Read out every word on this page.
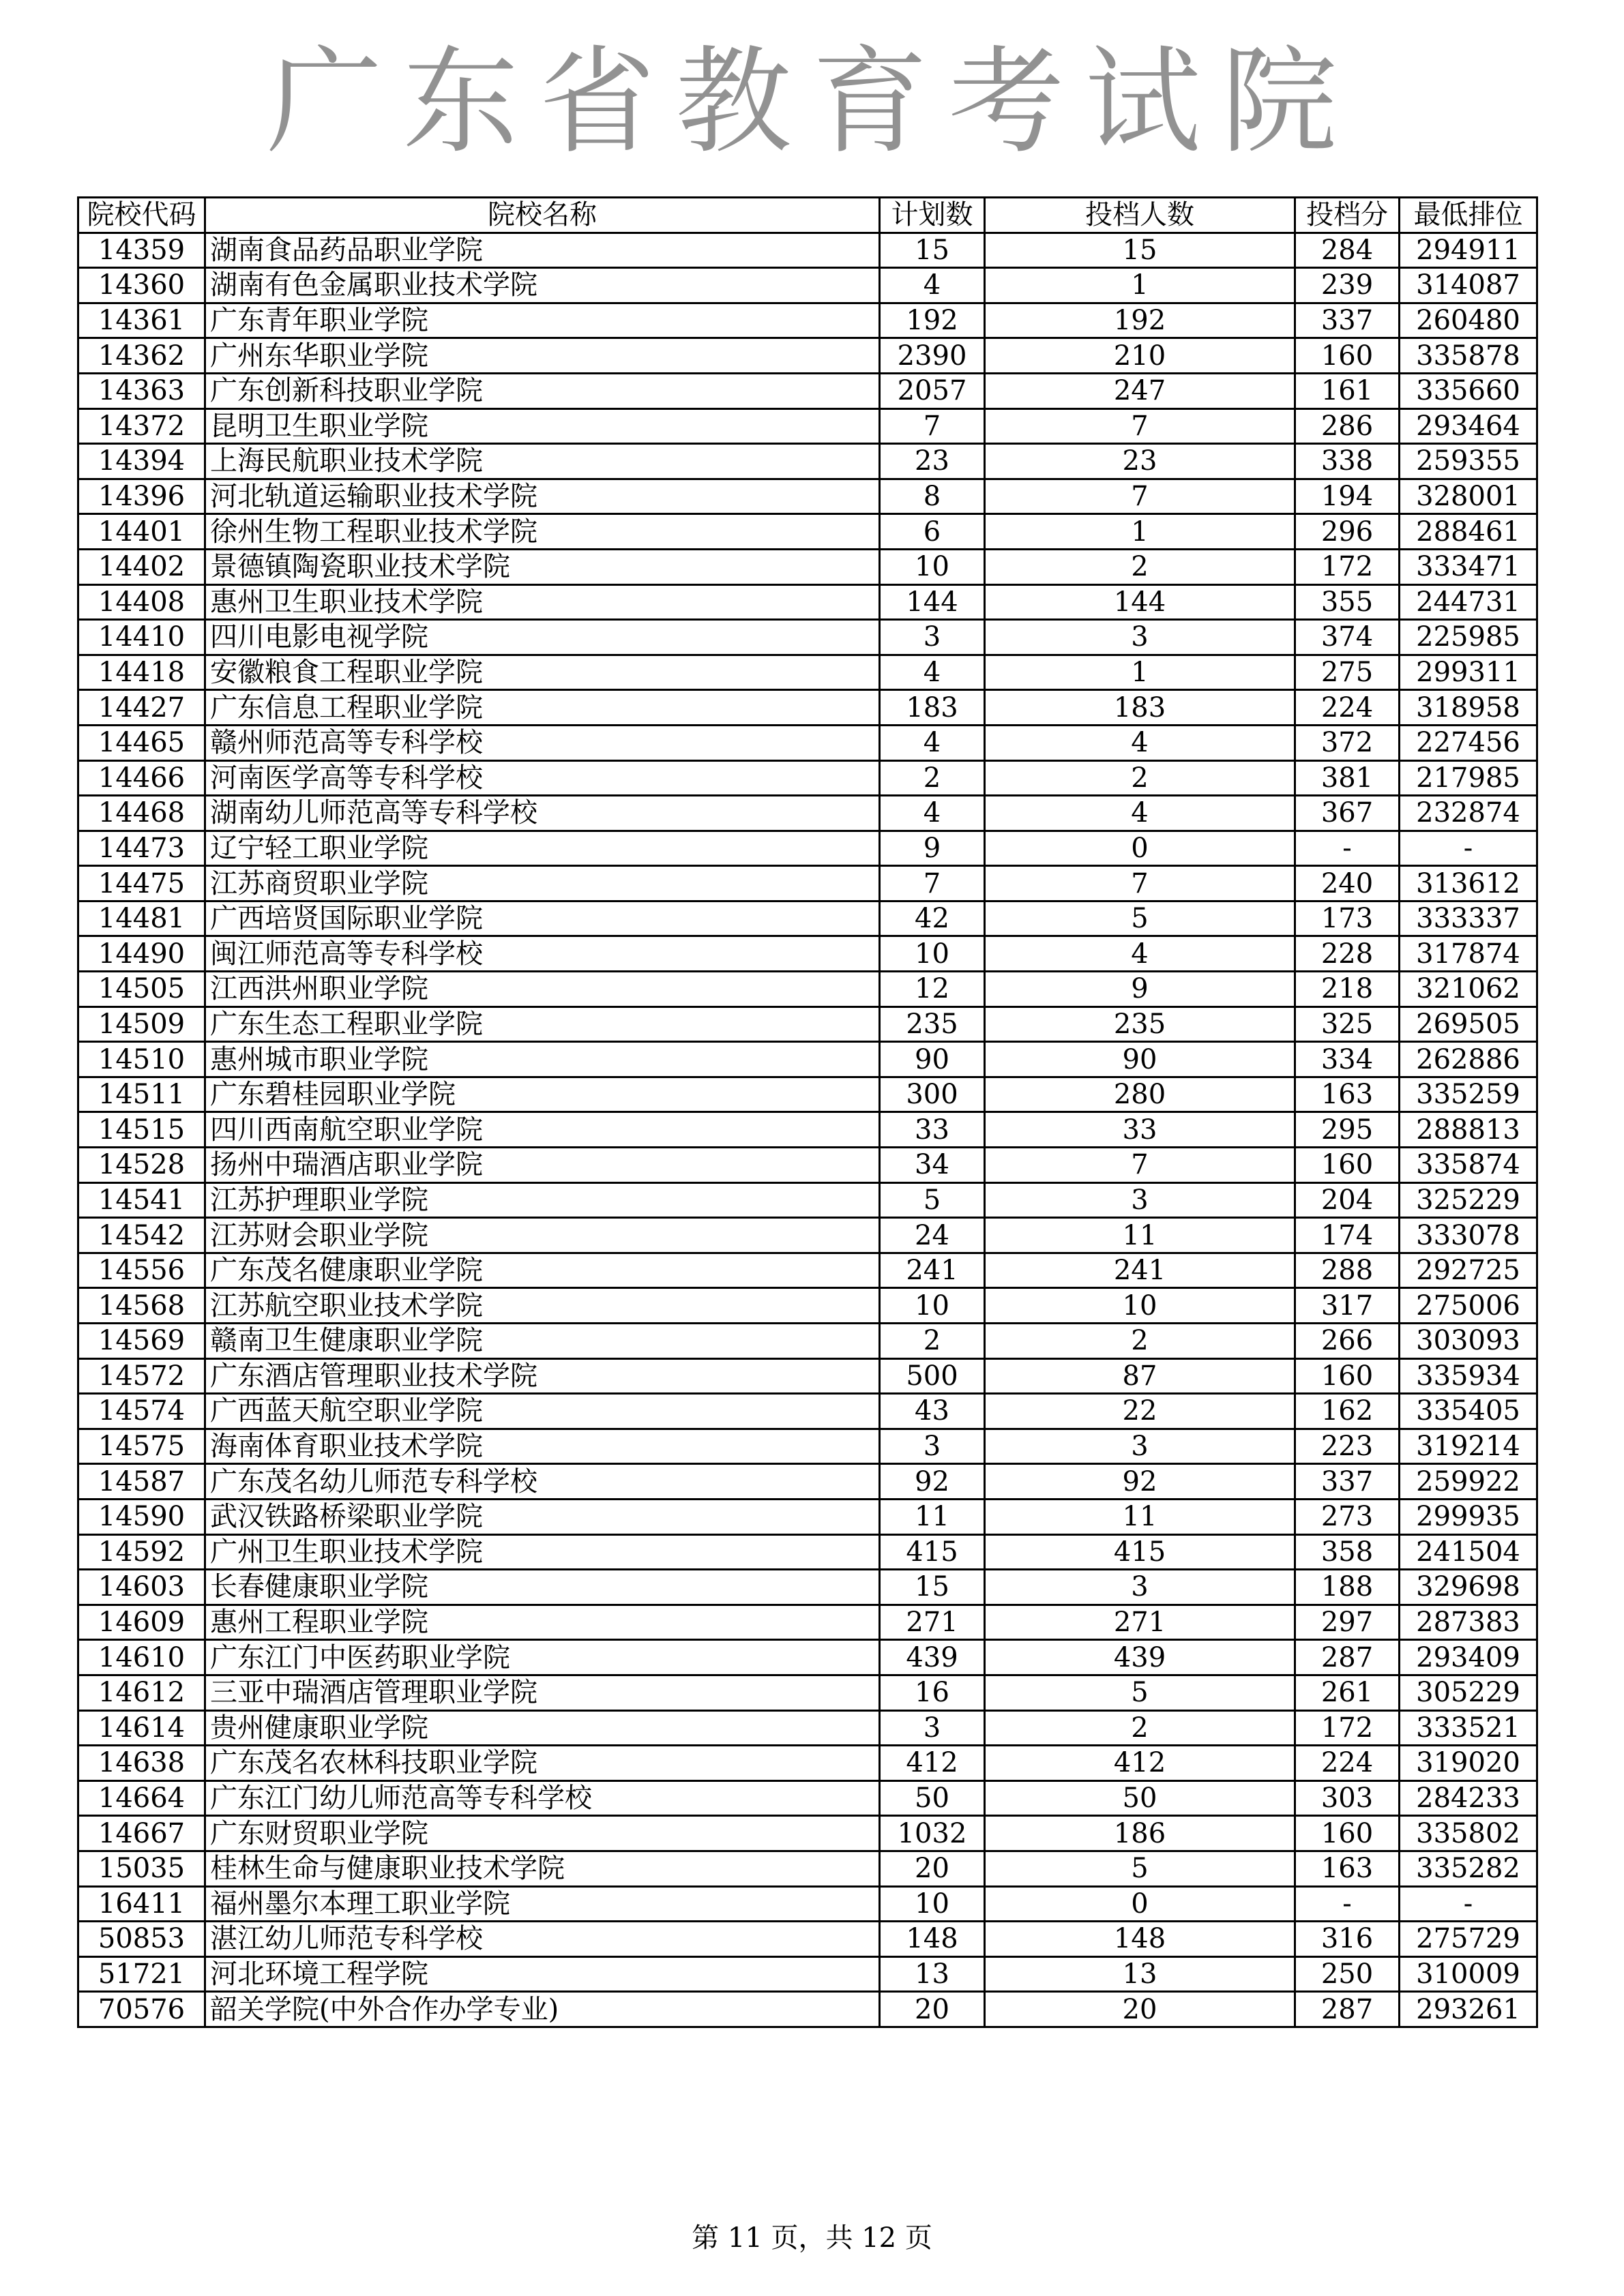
广东省教育考试院
院校代码	院校名称	计划数	投档人数	投档分	最低排位
14359	湖南食品药品职业学院	15	15	284	294911
14360	湖南有色金属职业技术学院	4	1	239	314087
14361	广东青年职业学院	192	192	337	260480
14362	广州东华职业学院	2390	210	160	335878
14363	广东创新科技职业学院	2057	247	161	335660
14372	昆明卫生职业学院	7	7	286	293464
14394	上海民航职业技术学院	23	23	338	259355
14396	河北轨道运输职业技术学院	8	7	194	328001
14401	徐州生物工程职业技术学院	6	1	296	288461
14402	景德镇陶瓷职业技术学院	10	2	172	333471
14408	惠州卫生职业技术学院	144	144	355	244731
14410	四川电影电视学院	3	3	374	225985
14418	安徽粮食工程职业学院	4	1	275	299311
14427	广东信息工程职业学院	183	183	224	318958
14465	赣州师范高等专科学校	4	4	372	227456
14466	河南医学高等专科学校	2	2	381	217985
14468	湖南幼儿师范高等专科学校	4	4	367	232874
14473	辽宁轻工职业学院	9	0	-	-
14475	江苏商贸职业学院	7	7	240	313612
14481	广西培贤国际职业学院	42	5	173	333337
14490	闽江师范高等专科学校	10	4	228	317874
14505	江西洪州职业学院	12	9	218	321062
14509	广东生态工程职业学院	235	235	325	269505
14510	惠州城市职业学院	90	90	334	262886
14511	广东碧桂园职业学院	300	280	163	335259
14515	四川西南航空职业学院	33	33	295	288813
14528	扬州中瑞酒店职业学院	34	7	160	335874
14541	江苏护理职业学院	5	3	204	325229
14542	江苏财会职业学院	24	11	174	333078
14556	广东茂名健康职业学院	241	241	288	292725
14568	江苏航空职业技术学院	10	10	317	275006
14569	赣南卫生健康职业学院	2	2	266	303093
14572	广东酒店管理职业技术学院	500	87	160	335934
14574	广西蓝天航空职业学院	43	22	162	335405
14575	海南体育职业技术学院	3	3	223	319214
14587	广东茂名幼儿师范专科学校	92	92	337	259922
14590	武汉铁路桥梁职业学院	11	11	273	299935
14592	广州卫生职业技术学院	415	415	358	241504
14603	长春健康职业学院	15	3	188	329698
14609	惠州工程职业学院	271	271	297	287383
14610	广东江门中医药职业学院	439	439	287	293409
14612	三亚中瑞酒店管理职业学院	16	5	261	305229
14614	贵州健康职业学院	3	2	172	333521
14638	广东茂名农林科技职业学院	412	412	224	319020
14664	广东江门幼儿师范高等专科学校	50	50	303	284233
14667	广东财贸职业学院	1032	186	160	335802
15035	桂林生命与健康职业技术学院	20	5	163	335282
16411	福州墨尔本理工职业学院	10	0	-	-
50853	湛江幼儿师范专科学校	148	148	316	275729
51721	河北环境工程学院	13	13	250	310009
70576	韶关学院(中外合作办学专业)	20	20	287	293261
第 11 页，共 12 页
